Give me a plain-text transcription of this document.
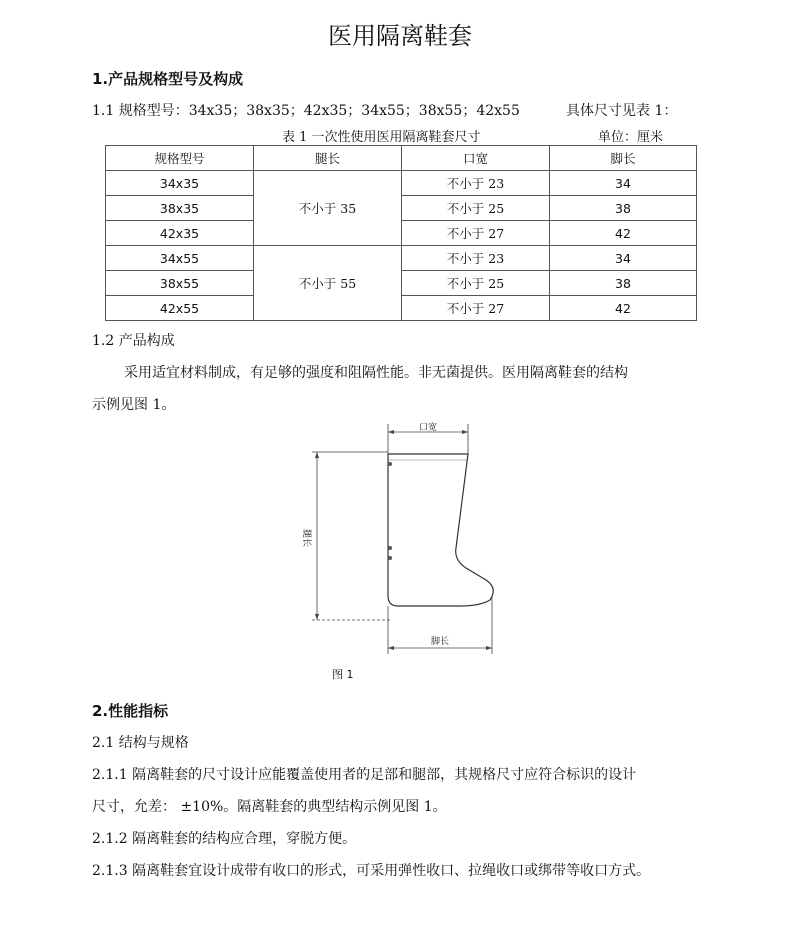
医用隔离鞋套
1.产品规格型号及构成
1.1 规格型号：34x35；38x35；42x35；34x55；38x55；42x55	具体尺寸见表 1：
表 1 一次性使用医用隔离鞋套尺寸	单位：厘米
规格型号	腿长	口宽	脚长
34x35	不小于 35	不小于 23	34
38x35		不小于 25	38
42x35		不小于 27	42
34x55	不小于 55	不小于 23	34
38x55		不小于 25	38
42x55		不小于 27	42
1.2 产品构成
采用适宜材料制成，有足够的强度和阻隔性能。非无菌提供。医用隔离鞋套的结构
示例见图 1。
口宽
腿长
脚长
图 1
2.性能指标
2.1 结构与规格
2.1.1 隔离鞋套的尺寸设计应能覆盖使用者的足部和腿部，其规格尺寸应符合标识的设计
尺寸，允差： ±10%。隔离鞋套的典型结构示例见图 1。
2.1.2 隔离鞋套的结构应合理，穿脱方便。
2.1.3 隔离鞋套宜设计成带有收口的形式，可采用弹性收口、拉绳收口或绑带等收口方式。
